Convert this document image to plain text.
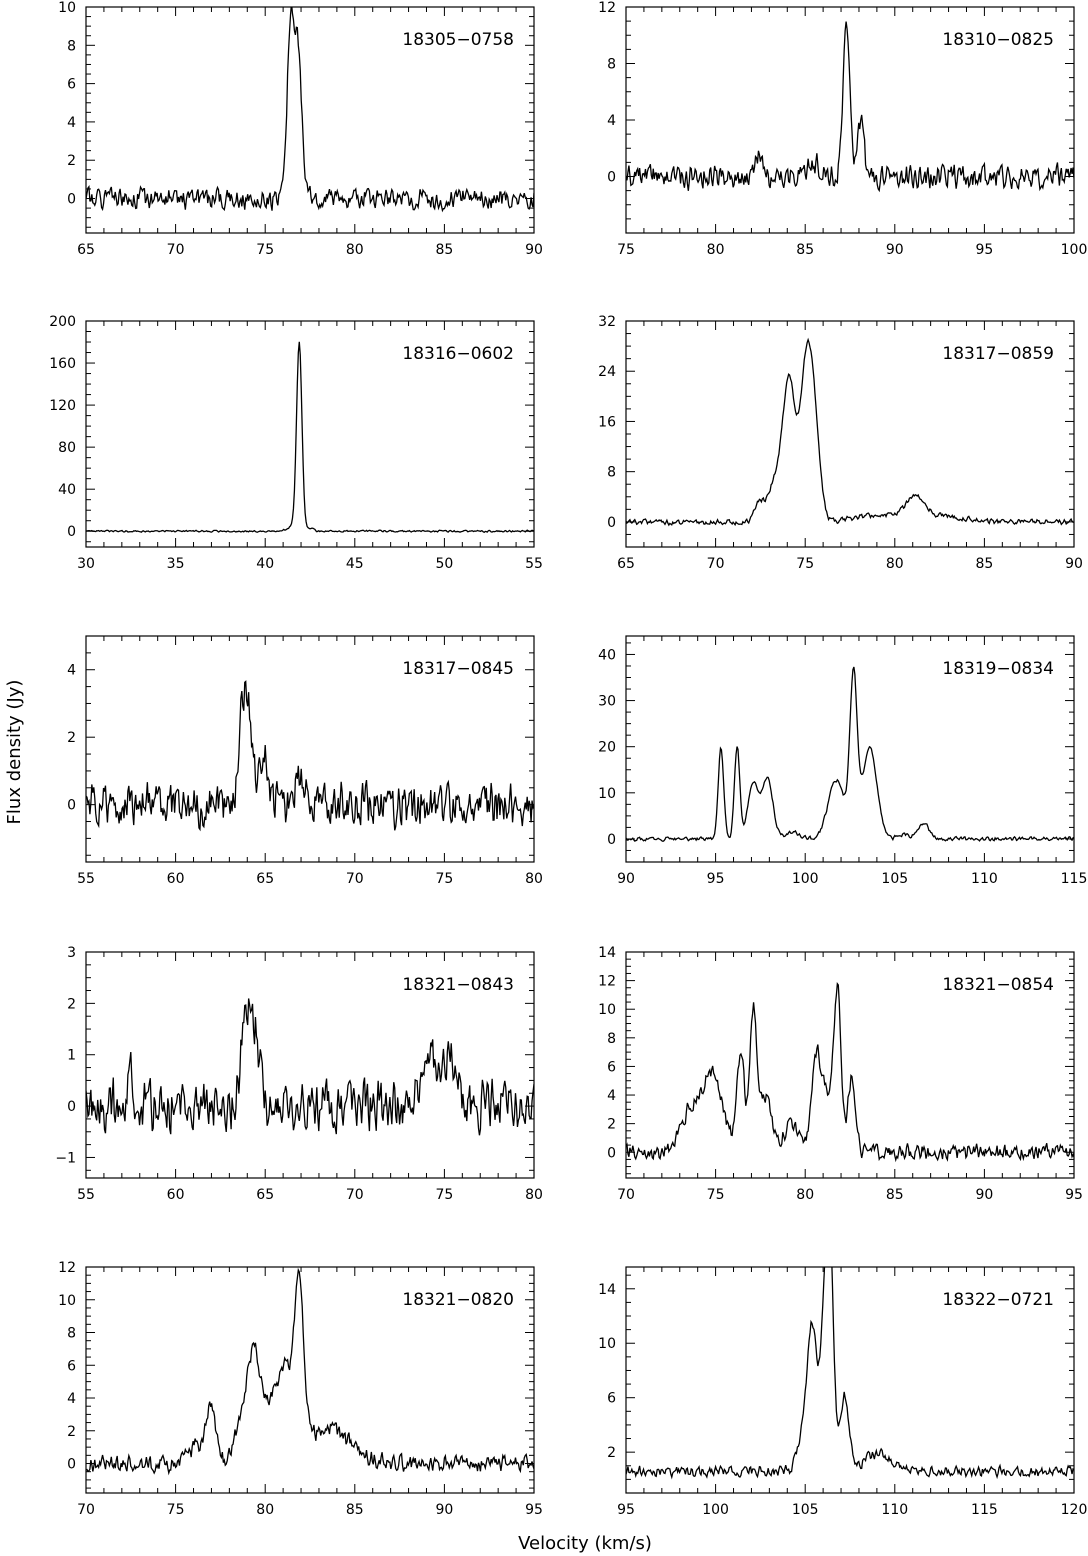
Flux density (Jy)
Velocity (km/s)
65	70	75	80	85	90
0
2
4
6
8
10
18305−0758
75	80	85	90	95	100
0
4
8
12
18310−0825
30	35	40	45	50	55
0
40
80
120
160
200
18316−0602
65	70	75	80	85	90
0
8
16
24
32
18317−0859
55	60	65	70	75	80
0
2
4	18317−0845
90	95	100	105	110	115
0
10
20
30
40
18319−0834
55	60	65	70	75	80
−1
0
1
2
3
18321−0843
70	75	80	85	90	95
0
2
4
6
8
10
12
14
18321−0854
70	75	80	85	90	95
0
2
4
6
8
10
12
18321−0820
95	100	105	110	115	120
2
6
10
14
18322−0721
